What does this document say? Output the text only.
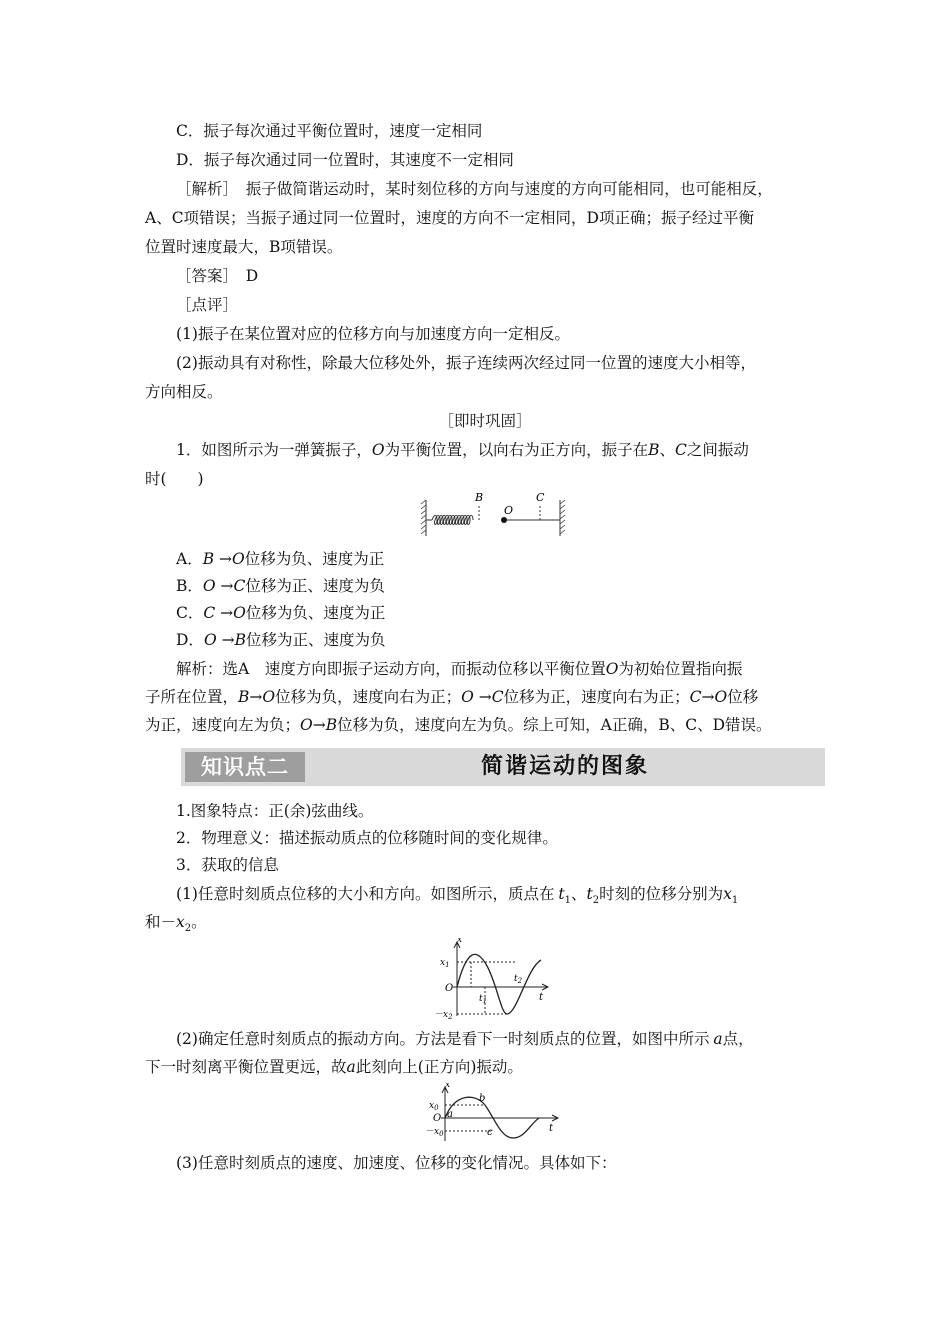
C．振子每次通过平衡位置时，速度一定相同
D．振子每次通过同一位置时，其速度不一定相同
［解析］　振子做简谐运动时，某时刻位移的方向与速度的方向可能相同，也可能相反，
A、C项错误；当振子通过同一位置时，速度的方向不一定相同，D项正确；振子经过平衡
位置时速度最大，B项错误。
［答案］　D
［点评］
(1)振子在某位置对应的位移方向与加速度方向一定相反。
(2)振动具有对称性，除最大位移处外，振子连续两次经过同一位置的速度大小相等，
方向相反。
［即时巩固］
1．如图所示为一弹簧振子，O为平衡位置，以向右为正方向，振子在B、C之间振动
时(　　)
B
O
C
A．B →O位移为负、速度为正
B．O →C位移为正、速度为负
C．C →O位移为负、速度为正
D．O →B位移为正、速度为负
解析：选A　速度方向即振子运动方向，而振动位移以平衡位置O为初始位置指向振
子所在位置，B→O位移为负，速度向右为正；O →C位移为正，速度向右为正；C→O位移
为正，速度向左为负；O→B位移为负，速度向左为负。综上可知，A正确，B、C、D错误。
知识点二	简谐运动的图象
1.图象特点：正(余)弦曲线。
2．物理意义：描述振动质点的位移随时间的变化规律。
3．获取的信息
(1)任意时刻质点位移的大小和方向。如图所示，质点在  $t_1$、$t_2$时刻的位移分别为$x_1$
和$-x_2$。
x
$x_1$
O
$-x_2$
$t_1$
$t_2$
t
(2)确定任意时刻质点的振动方向。方法是看下一时刻质点的位置，如图中所示  a点，
下一时刻离平衡位置更远，故a此刻向上(正方向)振动。
x
$x_0$
O
$-x_0$
a
b
c	t
(3)任意时刻质点的速度、加速度、位移的变化情况。具体如下：
